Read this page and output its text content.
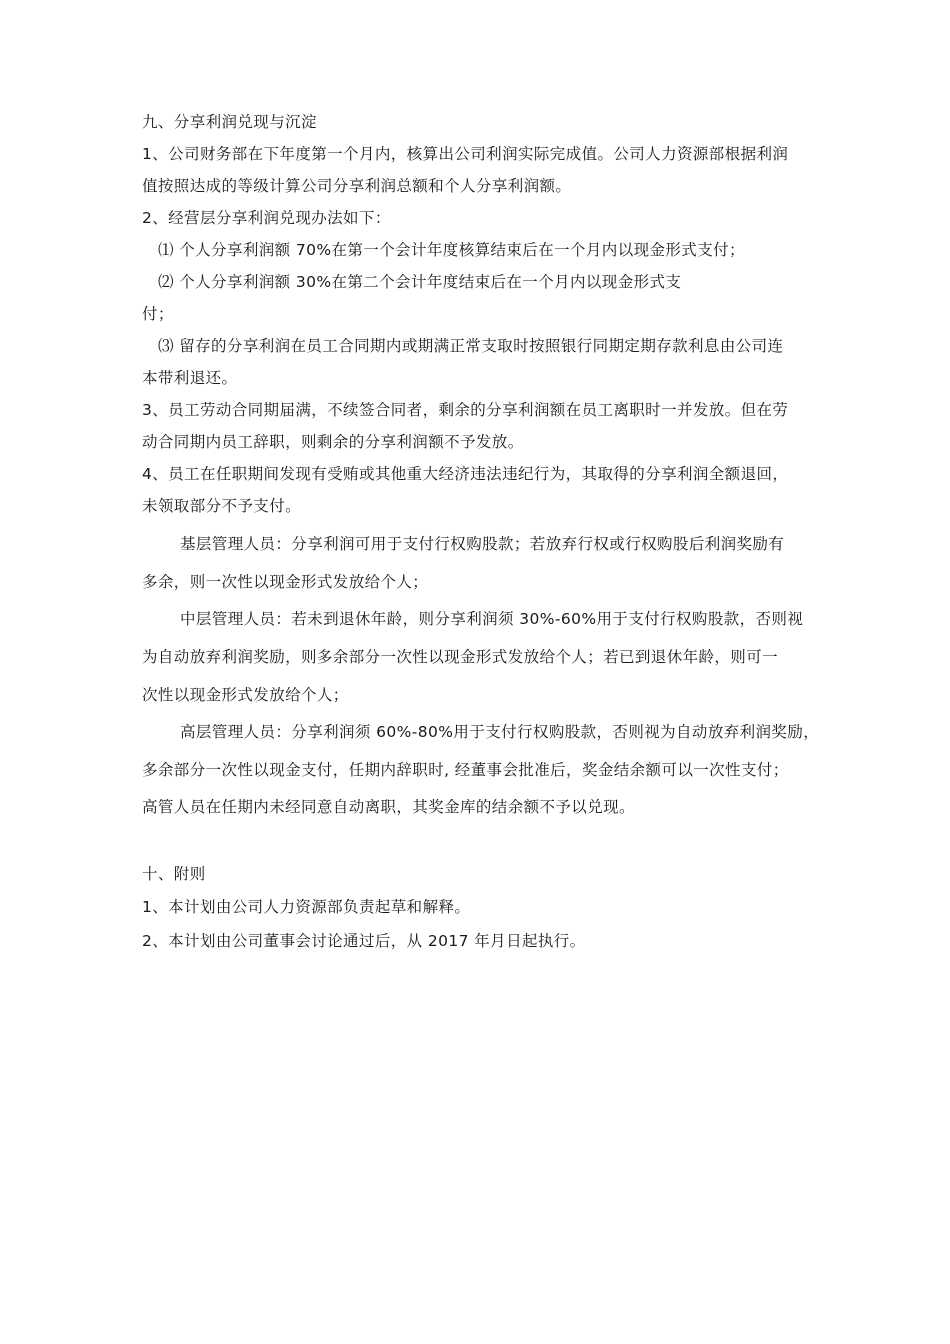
九、分享利润兑现与沉淀
1、公司财务部在下年度第一个月内，核算出公司利润实际完成值。公司人力资源部根据利润
值按照达成的等级计算公司分享利润总额和个人分享利润额。
2、经营层分享利润兑现办法如下：
⑴ 个人分享利润额 70%在第一个会计年度核算结束后在一个月内以现金形式支付；
⑵ 个人分享利润额 30%在第二个会计年度结束后在一个月内以现金形式支
付；
⑶ 留存的分享利润在员工合同期内或期满正常支取时按照银行同期定期存款利息由公司连
本带利退还。
3、员工劳动合同期届满，不续签合同者，剩余的分享利润额在员工离职时一并发放。但在劳
动合同期内员工辞职，则剩余的分享利润额不予发放。
4、员工在任职期间发现有受贿或其他重大经济违法违纪行为，其取得的分享利润全额退回，
未领取部分不予支付。
基层管理人员：分享利润可用于支付行权购股款；若放弃行权或行权购股后利润奖励有
多余，则一次性以现金形式发放给个人；
中层管理人员：若未到退休年龄，则分享利润须 30%-60%用于支付行权购股款，否则视
为自动放弃利润奖励，则多余部分一次性以现金形式发放给个人；若已到退休年龄，则可一
次性以现金形式发放给个人；
高层管理人员：分享利润须 60%-80%用于支付行权购股款，否则视为自动放弃利润奖励，
多余部分一次性以现金支付，任期内辞职时, 经董事会批准后，奖金结余额可以一次性支付；
高管人员在任期内未经同意自动离职，其奖金库的结余额不予以兑现。
十、附则
1、本计划由公司人力资源部负责起草和解释。
2、本计划由公司董事会讨论通过后，从 2017 年月日起执行。
